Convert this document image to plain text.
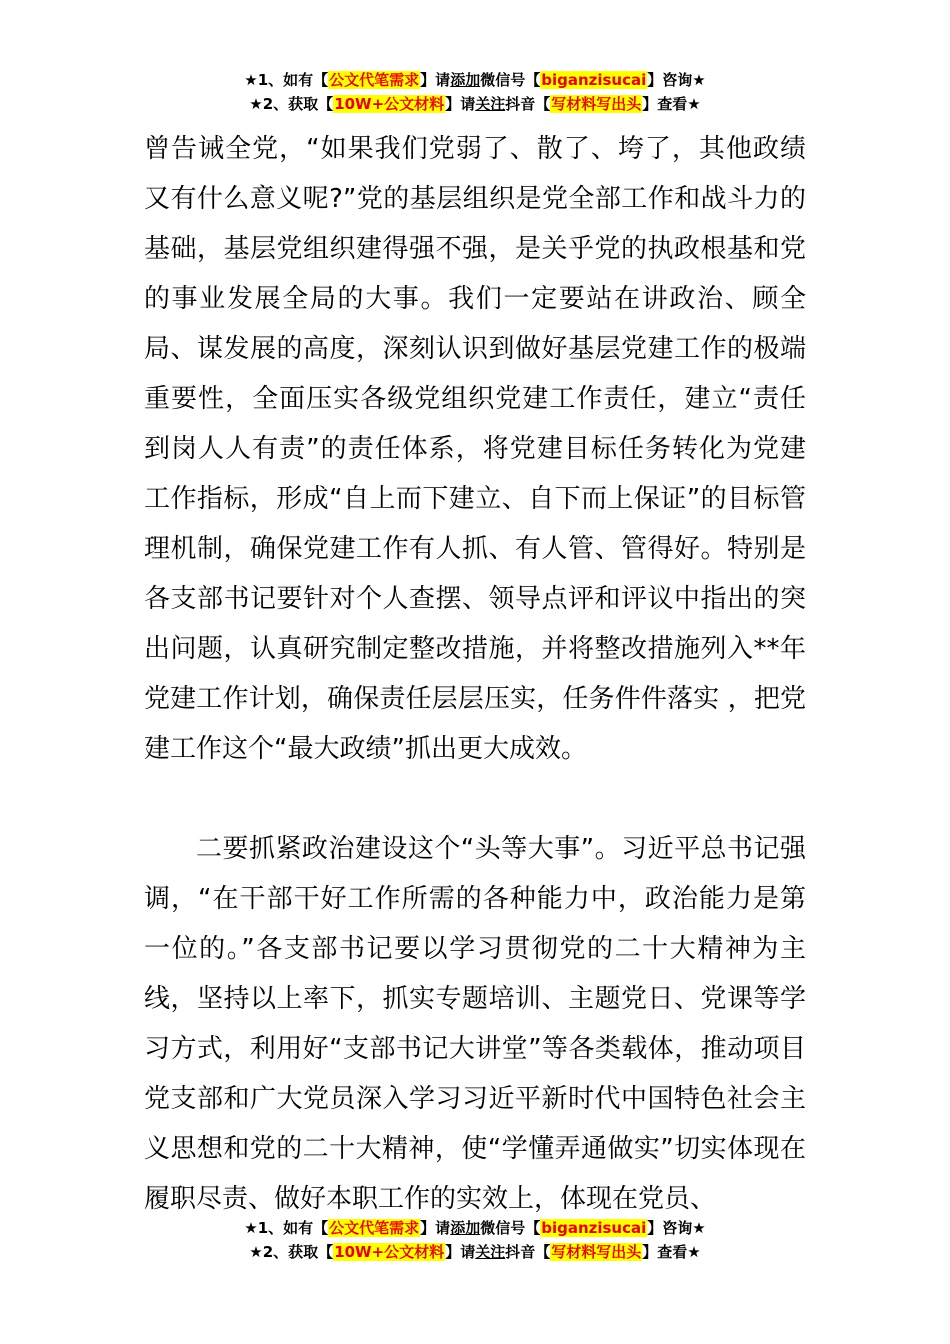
★1、如有【公文代笔需求】请添加微信号【biganzisucai】咨询★
★2、获取【10W+公文材料】请关注抖音【写材料写出头】查看★

曾告诫全党，“如果我们党弱了、散了、垮了，其他政绩又有什么意义呢?”党的基层组织是党全部工作和战斗力的基础，基层党组织建得强不强，是关乎党的执政根基和党的事业发展全局的大事。我们一定要站在讲政治、顾全局、谋发展的高度，深刻认识到做好基层党建工作的极端重要性，全面压实各级党组织党建工作责任，建立“责任到岗人人有责”的责任体系，将党建目标任务转化为党建工作指标，形成“自上而下建立、自下而上保证”的目标管理机制，确保党建工作有人抓、有人管、管得好。特别是各支部书记要针对个人查摆、领导点评和评议中指出的突出问题，认真研究制定整改措施，并将整改措施列入**年党建工作计划，确保责任层层压实，任务件件落实 ，把党建工作这个“最大政绩”抓出更大成效。

二要抓紧政治建设这个“头等大事”。习近平总书记强调，“在干部干好工作所需的各种能力中，政治能力是第一位的。”各支部书记要以学习贯彻党的二十大精神为主线，坚持以上率下，抓实专题培训、主题党日、党课等学习方式，利用好“支部书记大讲堂”等各类载体，推动项目党支部和广大党员深入学习习近平新时代中国特色社会主义思想和党的二十大精神，使“学懂弄通做实”切实体现在履职尽责、做好本职工作的实效上，体现在党员、

★1、如有【公文代笔需求】请添加微信号【biganzisucai】咨询★
★2、获取【10W+公文材料】请关注抖音【写材料写出头】查看★
